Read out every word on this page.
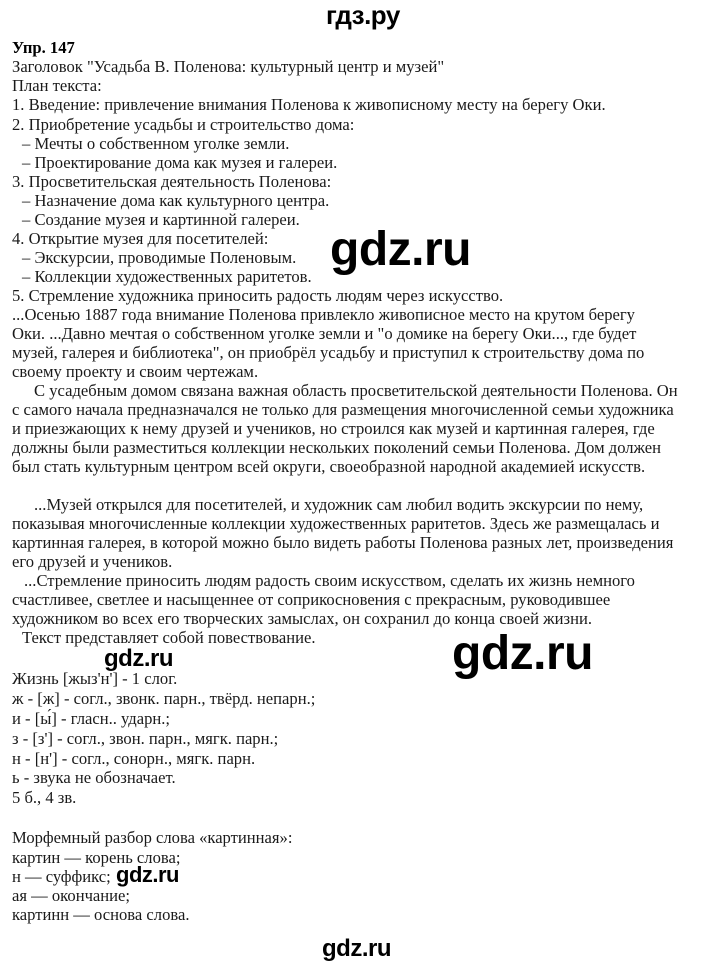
гдз.ру
Упр. 147
Заголовок "Усадьба В. Поленова: культурный центр и музей"
План текста:
1. Введение: привлечение внимания Поленова к живописному месту на берегу Оки.
2. Приобретение усадьбы и строительство дома:
– Мечты о собственном уголке земли.
– Проектирование дома как музея и галереи.
3. Просветительская деятельность Поленова:
– Назначение дома как культурного центра.
– Создание музея и картинной галереи.
4. Открытие музея для посетителей:
– Экскурсии, проводимые Поленовым.
– Коллекции художественных раритетов.
5. Стремление художника приносить радость людям через искусство.
gdz.ru
...Осенью 1887 года внимание Поленова привлекло живописное место на крутом берегу
Оки. ...Давно мечтая о собственном уголке земли и "о домике на берегу Оки..., где будет
музей, галерея и библиотека", он приобрёл усадьбу и приступил к строительству дома по
своему проекту и своим чертежам.
С усадебным домом связана важная область просветительской деятельности Поленова. Он
с самого начала предназначался не только для размещения многочисленной семьи художника
и приезжающих к нему друзей и учеников, но строился как музей и картинная галерея, где
должны были разместиться коллекции нескольких поколений семьи Поленова. Дом должен
был стать культурным центром всей округи, своеобразной народной академией искусств.
...Музей открылся для посетителей, и художник сам любил водить экскурсии по нему,
показывая многочисленные коллекции художественных раритетов. Здесь же размещалась и
картинная галерея, в которой можно было видеть работы Поленова разных лет, произведения
его друзей и учеников.
...Стремление приносить людям радость своим искусством, сделать их жизнь немного
счастливее, светлее и насыщеннее от соприкосновения с прекрасным, руководившее
художником во всех его творческих замыслах, он сохранил до конца своей жизни.
Текст представляет собой повествование.
gdz.ru	gdz.ru
Жизнь [жыз'н'] - 1 слог.
ж - [ж] - согл., звонк. парн., твёрд. непарн.;
и - [ы́] - гласн.. ударн.;
з - [з'] - согл., звон. парн., мягк. парн.;
н - [н'] - согл., сонорн., мягк. парн.
ь - звука не обозначает.
5 б., 4 зв.
Морфемный разбор слова «картинная»:
картин — корень слова;
н — суффикс; gdz.ru
ая — окончание;
картинн — основа слова.
gdz.ru
